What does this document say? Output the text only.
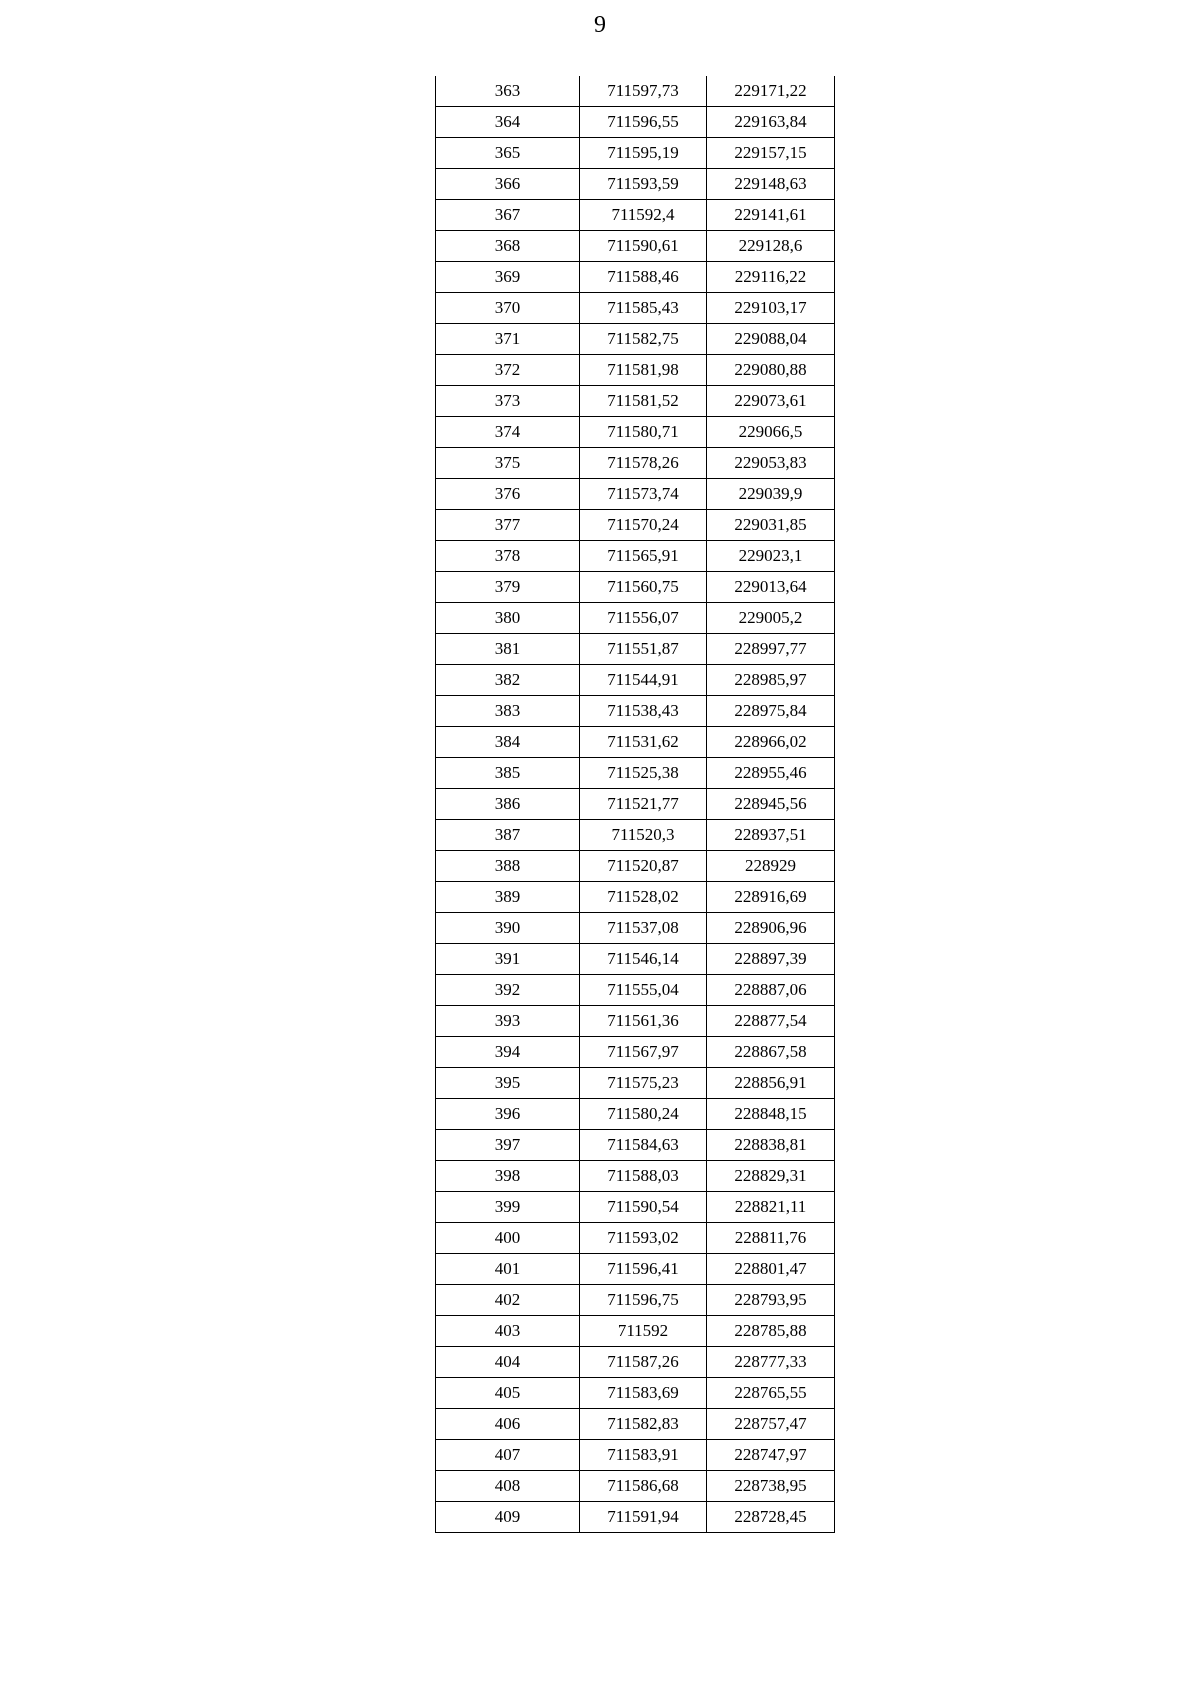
9
363	711597,73	229171,22
364	711596,55	229163,84
365	711595,19	229157,15
366	711593,59	229148,63
367	711592,4	229141,61
368	711590,61	229128,6
369	711588,46	229116,22
370	711585,43	229103,17
371	711582,75	229088,04
372	711581,98	229080,88
373	711581,52	229073,61
374	711580,71	229066,5
375	711578,26	229053,83
376	711573,74	229039,9
377	711570,24	229031,85
378	711565,91	229023,1
379	711560,75	229013,64
380	711556,07	229005,2
381	711551,87	228997,77
382	711544,91	228985,97
383	711538,43	228975,84
384	711531,62	228966,02
385	711525,38	228955,46
386	711521,77	228945,56
387	711520,3	228937,51
388	711520,87	228929
389	711528,02	228916,69
390	711537,08	228906,96
391	711546,14	228897,39
392	711555,04	228887,06
393	711561,36	228877,54
394	711567,97	228867,58
395	711575,23	228856,91
396	711580,24	228848,15
397	711584,63	228838,81
398	711588,03	228829,31
399	711590,54	228821,11
400	711593,02	228811,76
401	711596,41	228801,47
402	711596,75	228793,95
403	711592	228785,88
404	711587,26	228777,33
405	711583,69	228765,55
406	711582,83	228757,47
407	711583,91	228747,97
408	711586,68	228738,95
409	711591,94	228728,45
